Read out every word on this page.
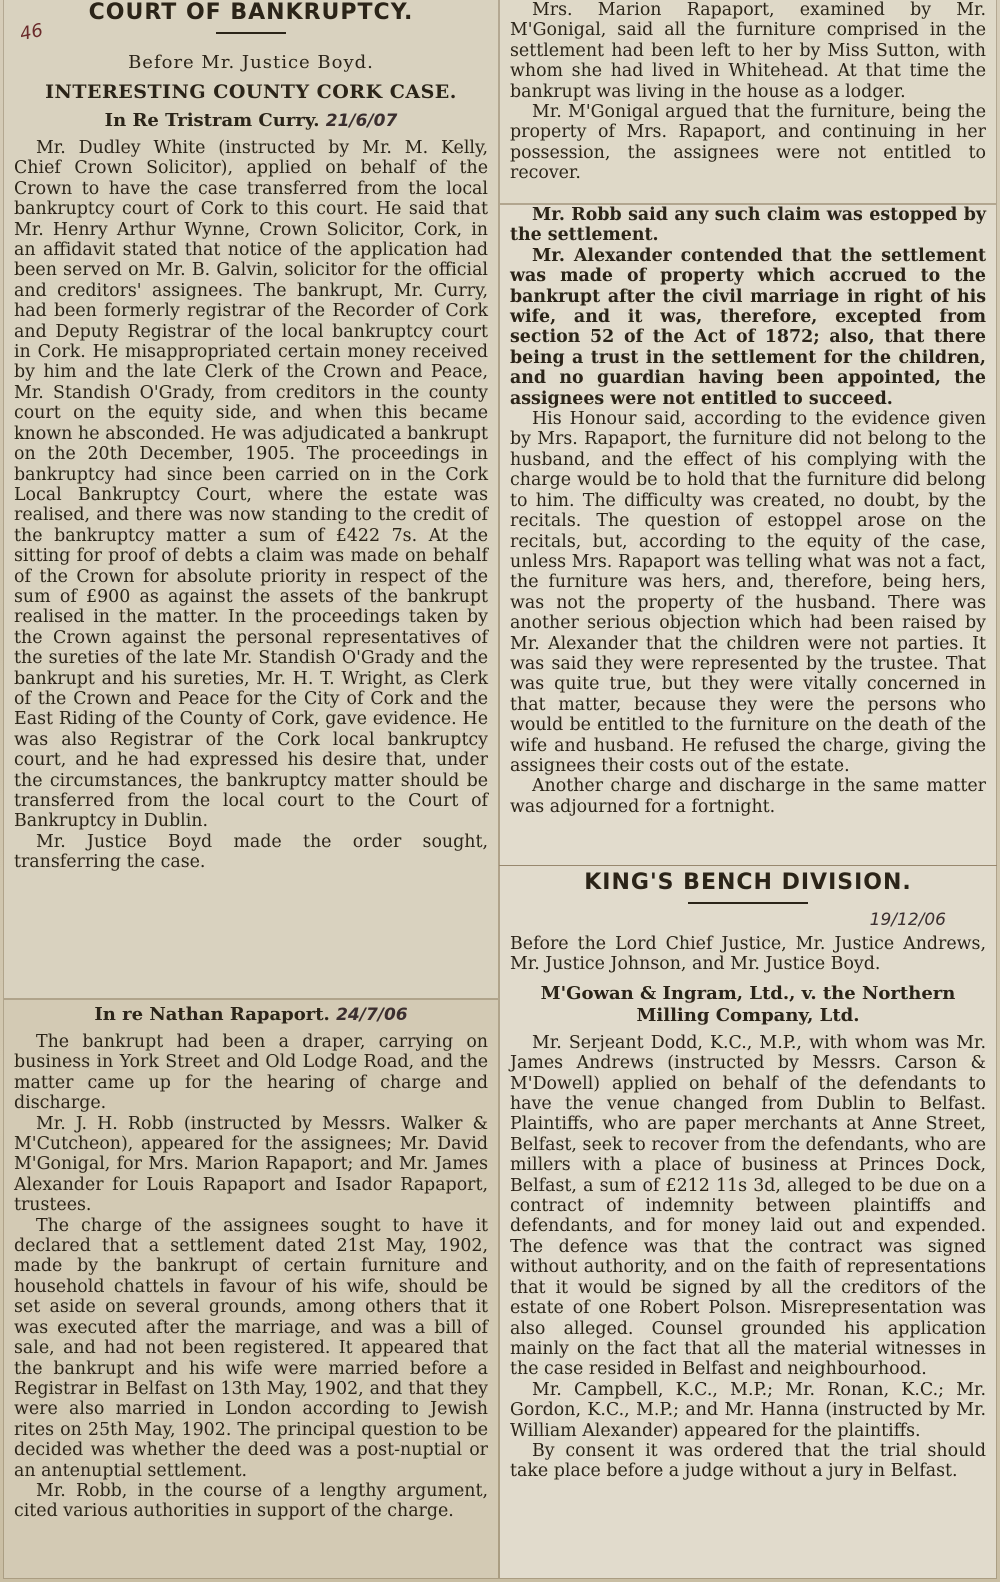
46
COURT OF BANKRUPTCY.
Before Mr. Justice Boyd.
INTERESTING COUNTY CORK CASE.
In Re Tristram Curry. 21/6/07

Mr. Dudley White (instructed by Mr. M. Kelly, Chief Crown Solicitor), applied on behalf of the Crown to have the case transferred from the local bankruptcy court of Cork to this court. He said that Mr. Henry Arthur Wynne, Crown Solicitor, Cork, in an affidavit stated that notice of the application had been served on Mr. B. Galvin, solicitor for the official and creditors' assignees. The bankrupt, Mr. Curry, had been formerly registrar of the Recorder of Cork and Deputy Registrar of the local bankruptcy court in Cork. He misappropriated certain money received by him and the late Clerk of the Crown and Peace, Mr. Standish O'Grady, from creditors in the county court on the equity side, and when this became known he absconded. He was adjudicated a bankrupt on the 20th December, 1905. The proceedings in bankruptcy had since been carried on in the Cork Local Bankruptcy Court, where the estate was realised, and there was now standing to the credit of the bankruptcy matter a sum of £422 7s. At the sitting for proof of debts a claim was made on behalf of the Crown for absolute priority in respect of the sum of £900 as against the assets of the bankrupt realised in the matter. In the proceedings taken by the Crown against the personal representatives of the sureties of the late Mr. Standish O'Grady and the bankrupt and his sureties, Mr. H. T. Wright, as Clerk of the Crown and Peace for the City of Cork and the East Riding of the County of Cork, gave evidence. He was also Registrar of the Cork local bankruptcy court, and he had expressed his desire that, under the circumstances, the bankruptcy matter should be transferred from the local court to the Court of Bankruptcy in Dublin.

Mr. Justice Boyd made the order sought, transferring the case.

In re Nathan Rapaport. 24/7/06

The bankrupt had been a draper, carrying on business in York Street and Old Lodge Road, and the matter came up for the hearing of charge and discharge.

Mr. J. H. Robb (instructed by Messrs. Walker & M'Cutcheon), appeared for the assignees; Mr. David M'Gonigal, for Mrs. Marion Rapaport; and Mr. James Alexander for Louis Rapaport and Isador Rapaport, trustees.

The charge of the assignees sought to have it declared that a settlement dated 21st May, 1902, made by the bankrupt of certain furniture and household chattels in favour of his wife, should be set aside on several grounds, among others that it was executed after the marriage, and was a bill of sale, and had not been registered. It appeared that the bankrupt and his wife were married before a Registrar in Belfast on 13th May, 1902, and that they were also married in London according to Jewish rites on 25th May, 1902. The principal question to be decided was whether the deed was a post-nuptial or an antenuptial settlement.

Mr. Robb, in the course of a lengthy argument, cited various authorities in support of the charge.

Mrs. Marion Rapaport, examined by Mr. M'Gonigal, said all the furniture comprised in the settlement had been left to her by Miss Sutton, with whom she had lived in Whitehead. At that time the bankrupt was living in the house as a lodger.

Mr. M'Gonigal argued that the furniture, being the property of Mrs. Rapaport, and continuing in her possession, the assignees were not entitled to recover.

Mr. Robb said any such claim was estopped by the settlement.

Mr. Alexander contended that the settlement was made of property which accrued to the bankrupt after the civil marriage in right of his wife, and it was, therefore, excepted from section 52 of the Act of 1872; also, that there being a trust in the settlement for the children, and no guardian having been appointed, the assignees were not entitled to succeed.

His Honour said, according to the evidence given by Mrs. Rapaport, the furniture did not belong to the husband, and the effect of his complying with the charge would be to hold that the furniture did belong to him. The difficulty was created, no doubt, by the recitals. The question of estoppel arose on the recitals, but, according to the equity of the case, unless Mrs. Rapaport was telling what was not a fact, the furniture was hers, and, therefore, being hers, was not the property of the husband. There was another serious objection which had been raised by Mr. Alexander that the children were not parties. It was said they were represented by the trustee. That was quite true, but they were vitally concerned in that matter, because they were the persons who would be entitled to the furniture on the death of the wife and husband. He refused the charge, giving the assignees their costs out of the estate.

Another charge and discharge in the same matter was adjourned for a fortnight.

KING'S BENCH DIVISION.
19/12/06

Before the Lord Chief Justice, Mr. Justice Andrews, Mr. Justice Johnson, and Mr. Justice Boyd.

M'Gowan & Ingram, Ltd., v. the Northern Milling Company, Ltd.

Mr. Serjeant Dodd, K.C., M.P., with whom was Mr. James Andrews (instructed by Messrs. Carson & M'Dowell) applied on behalf of the defendants to have the venue changed from Dublin to Belfast. Plaintiffs, who are paper merchants at Anne Street, Belfast, seek to recover from the defendants, who are millers with a place of business at Princes Dock, Belfast, a sum of £212 11s 3d, alleged to be due on a contract of indemnity between plaintiffs and defendants, and for money laid out and expended. The defence was that the contract was signed without authority, and on the faith of representations that it would be signed by all the creditors of the estate of one Robert Polson. Misrepresentation was also alleged. Counsel grounded his application mainly on the fact that all the material witnesses in the case resided in Belfast and neighbourhood.

Mr. Campbell, K.C., M.P.; Mr. Ronan, K.C.; Mr. Gordon, K.C., M.P.; and Mr. Hanna (instructed by Mr. William Alexander) appeared for the plaintiffs.

By consent it was ordered that the trial should take place before a judge without a jury in Belfast.
